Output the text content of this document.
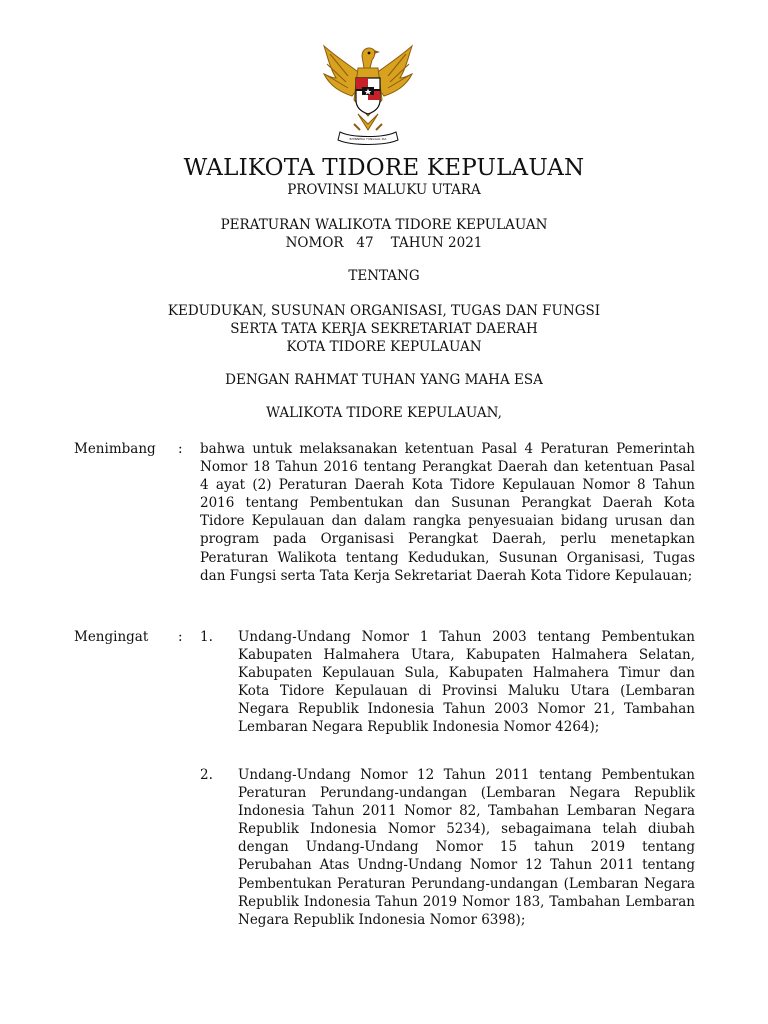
BHINNEKA TUNGGAL IKA
WALIKOTA TIDORE KEPULAUAN
PROVINSI MALUKU UTARA
PERATURAN WALIKOTA TIDORE KEPULAUAN
NOMOR   47    TAHUN 2021
TENTANG
KEDUDUKAN, SUSUNAN ORGANISASI, TUGAS DAN FUNGSI
SERTA TATA KERJA SEKRETARIAT DAERAH
KOTA TIDORE KEPULAUAN
DENGAN RAHMAT TUHAN YANG MAHA ESA
WALIKOTA TIDORE KEPULAUAN,
Menimbang : bahwa untuk melaksanakan ketentuan Pasal 4 Peraturan Pemerintah Nomor 18 Tahun 2016 tentang Perangkat Daerah dan ketentuan Pasal 4 ayat (2) Peraturan Daerah Kota Tidore Kepulauan Nomor 8 Tahun 2016 tentang Pembentukan dan Susunan Perangkat Daerah Kota Tidore Kepulauan dan dalam rangka penyesuaian bidang urusan dan program pada Organisasi Perangkat Daerah, perlu menetapkan Peraturan Walikota tentang Kedudukan, Susunan Organisasi, Tugas dan Fungsi serta Tata Kerja Sekretariat Daerah Kota Tidore Kepulauan;

Mengingat : 1. Undang-Undang Nomor 1 Tahun 2003 tentang Pembentukan Kabupaten Halmahera Utara, Kabupaten Halmahera Selatan, Kabupaten Kepulauan Sula, Kabupaten Halmahera Timur dan Kota Tidore Kepulauan di Provinsi Maluku Utara (Lembaran Negara Republik Indonesia Tahun 2003 Nomor 21, Tambahan Lembaran Negara Republik Indonesia Nomor 4264);

2. Undang-Undang Nomor 12 Tahun 2011 tentang Pembentukan Peraturan Perundang-undangan (Lembaran Negara Republik Indonesia Tahun 2011 Nomor 82, Tambahan Lembaran Negara Republik Indonesia Nomor 5234), sebagaimana telah diubah dengan Undang-Undang Nomor 15 tahun 2019 tentang Perubahan Atas Undng-Undang Nomor 12 Tahun 2011 tentang Pembentukan Peraturan Perundang-undangan (Lembaran Negara Republik Indonesia Tahun 2019 Nomor 183, Tambahan Lembaran Negara Republik Indonesia Nomor 6398);
